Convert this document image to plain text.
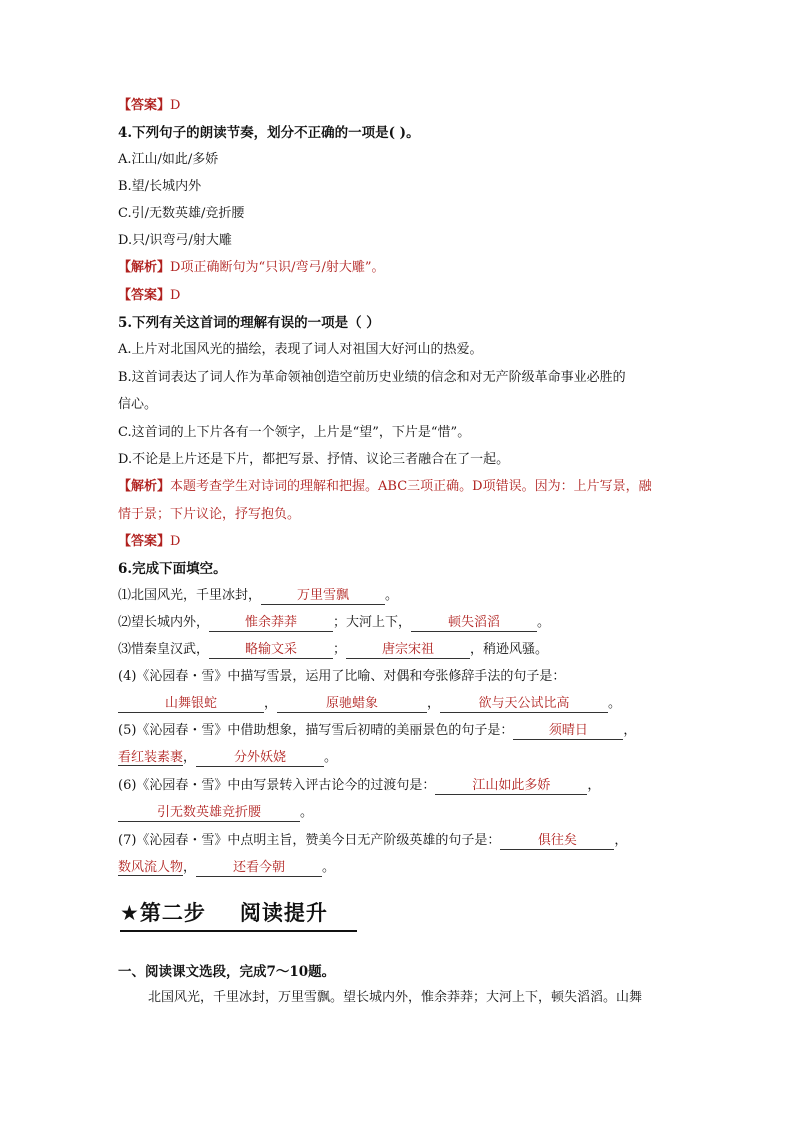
【答案】D
4.下列句子的朗读节奏，划分不正确的一项是( )。
A.江山/如此/多娇
B.望/长城内外
C.引/无数英雄/竞折腰
D.只/识弯弓/射大雕
【解析】D项正确断句为“只识/弯弓/射大雕”。
【答案】D
5.下列有关这首词的理解有误的一项是（ ）
A.上片对北国风光的描绘，表现了词人对祖国大好河山的热爱。
B.这首词表达了词人作为革命领袖创造空前历史业绩的信念和对无产阶级革命事业必胜的
信心。
C.这首词的上下片各有一个领字，上片是“望”，下片是“惜”。
D.不论是上片还是下片，都把写景、抒情、议论三者融合在了一起。
【解析】本题考查学生对诗词的理解和把握。ABC三项正确。D项错误。因为：上片写景，融
情于景；下片议论，抒写抱负。
【答案】D
6.完成下面填空。
⑴北国风光，千里冰封，	万里雪飘	。
⑵望长城内外，	惟余莽莽	；大河上下，	顿失滔滔	。
⑶惜秦皇汉武，	略输文采	；	唐宗宋祖	，稍逊风骚。
(4)《沁园春・雪》中描写雪景，运用了比喻、对偶和夸张修辞手法的句子是：
山舞银蛇	，	原驰蜡象	，	欲与天公试比高	。
(5)《沁园春・雪》中借助想象，描写雪后初晴的美丽景色的句子是：	须晴日	，
看红装素裹，	分外妖娆	。
(6)《沁园春・雪》中由写景转入评古论今的过渡句是：	江山如此多娇	，
引无数英雄竞折腰	。
(7)《沁园春・雪》中点明主旨，赞美今日无产阶级英雄的句子是：	俱往矣	，
数风流人物，	还看今朝	。
★第二步 阅读提升
一、阅读课文选段，完成7～10题。
北国风光，千里冰封，万里雪飘。望长城内外，惟余莽莽；大河上下，顿失滔滔。山舞
